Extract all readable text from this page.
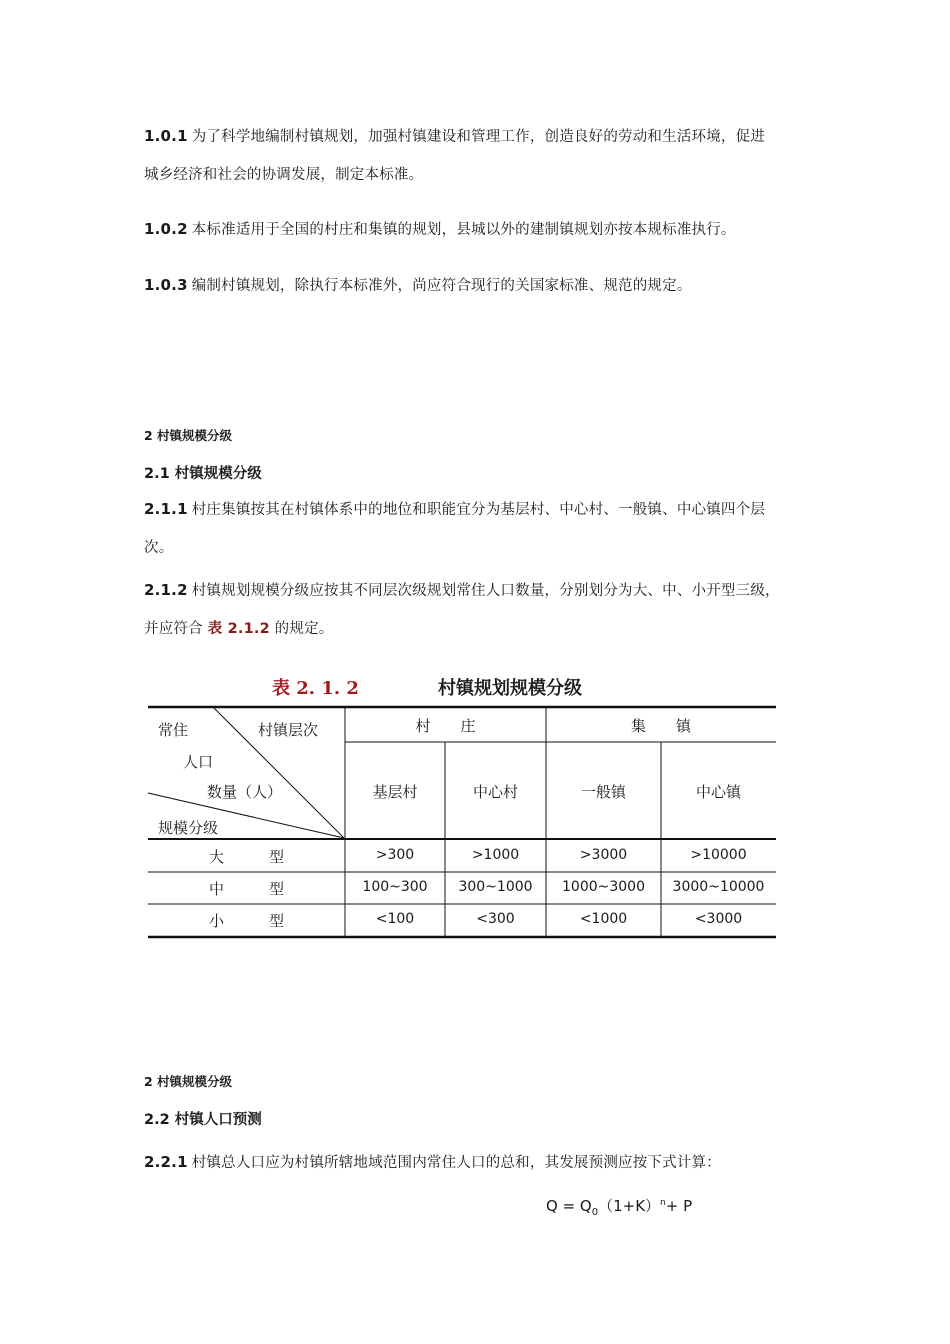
1.0.1 为了科学地编制村镇规划，加强村镇建设和管理工作，创造良好的劳动和生活环境，促进
城乡经济和社会的协调发展，制定本标准。
1.0.2 本标准适用于全国的村庄和集镇的规划，县城以外的建制镇规划亦按本规标准执行。
1.0.3 编制村镇规划，除执行本标准外，尚应符合现行的关国家标准、规范的规定。
2 村镇规模分级
2.1 村镇规模分级
2.1.1 村庄集镇按其在村镇体系中的地位和职能宜分为基层村、中心村、一般镇、中心镇四个层
次。
2.1.2 村镇规划规模分级应按其不同层次级规划常住人口数量，分别划分为大、中、小开型三级，
并应符合 表 2.1.2 的规定。
表 2. 1. 2	村镇规划规模分级
常住	村镇层次
人口
数量（人）
规模分级
村　　庄	集　　镇
基层村	中心村	一般镇	中心镇
大　　　型	>300	>1000	>3000	>10000
中　　　型	100~300	300~1000	1000~3000	3000~10000
小　　　型	<100	<300	<1000	<3000
2 村镇规模分级
2.2 村镇人口预测
2.2.1 村镇总人口应为村镇所辖地域范围内常住人口的总和，其发展预测应按下式计算：
$Q = Q_0(1+K)^n+ P$
